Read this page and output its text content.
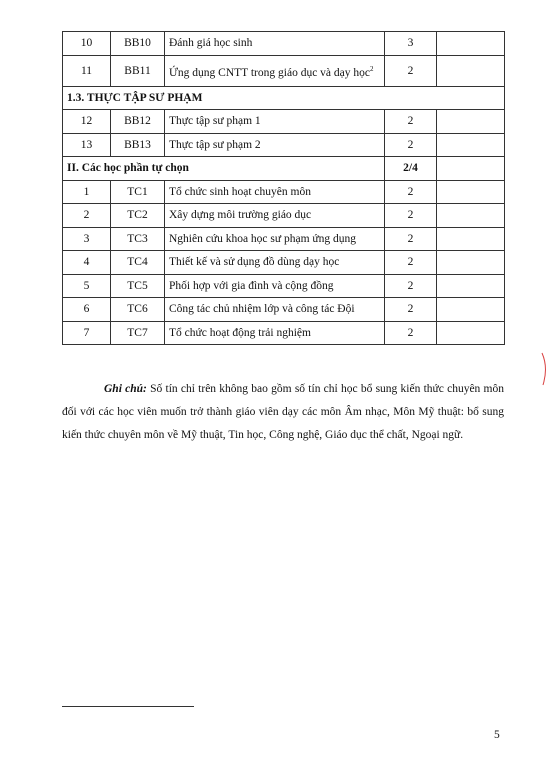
10	BB10	Đánh giá học sinh	3	
11	BB11	Ứng dụng CNTT trong giáo dục và dạy học$^2$	2	
1.3. THỰC TẬP SƯ PHẠM				
12	BB12	Thực tập sư phạm 1	2	
13	BB13	Thực tập sư phạm 2	2	
II. Các học phần tự chọn			2/4	
1	TC1	Tổ chức sinh hoạt chuyên môn	2	
2	TC2	Xây dựng môi trường giáo dục	2	
3	TC3	Nghiên cứu khoa học sư phạm ứng dụng	2	
4	TC4	Thiết kế và sử dụng đồ dùng dạy học	2	
5	TC5	Phối hợp với gia đình và cộng đồng	2	
6	TC6	Công tác chủ nhiệm lớp và công tác Đội	2	
7	TC7	Tổ chức hoạt động trải nghiệm	2	

Ghi chú: Số tín chỉ trên không bao gồm số tín chỉ học bổ sung kiến thức chuyên môn đối với các học viên muốn trở thành giáo viên dạy các môn Âm nhạc, Môn Mỹ thuật: bổ sung kiến thức chuyên môn về Mỹ thuật, Tin học, Công nghệ, Giáo dục thể chất, Ngoại ngữ.

5
